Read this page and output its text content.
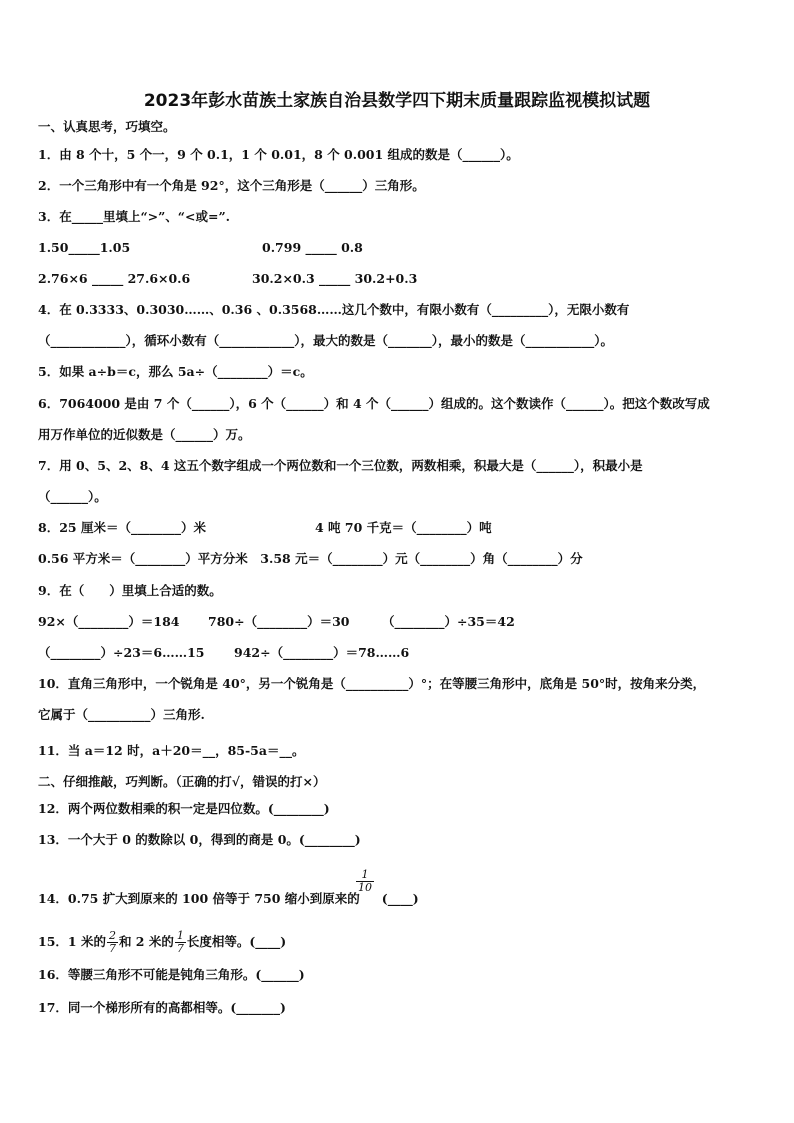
2023年彭水苗族土家族自治县数学四下期末质量跟踪监视模拟试题
一、认真思考，巧填空。
1．由 8 个十，5 个一，9 个 0.1，1 个 0.01，8 个 0.001 组成的数是（______）。
2．一个三角形中有一个角是 92°，这个三角形是（______）三角形。
3．在_____里填上“>”、“<或=”.
1.50_____1.05	0.799 _____ 0.8
2.76×6 _____ 27.6×0.6	30.2×0.3 _____ 30.2+0.3
4．在 0.3333、0.3030……、0.36 、0.3568……这几个数中，有限小数有（_________），无限小数有
（____________），循环小数有（____________），最大的数是（_______），最小的数是（___________）。
5．如果 a÷b＝c，那么 5a÷（________）＝c。
6．7064000 是由 7 个（______），6 个（______）和 4 个（______）组成的。这个数读作（______）。把这个数改写成
用万作单位的近似数是（______）万。
7．用 0、5、2、8、4 这五个数字组成一个两位数和一个三位数，两数相乘，积最大是（______），积最小是
（______）。
8．25 厘米＝（________）米	4 吨 70 千克＝（________）吨
0.56 平方米＝（________）平方分米　3.58 元＝（________）元（________）角（________）分
9．在（　　）里填上合适的数。
92×（________）＝184 780÷（________）＝30	（________）÷35＝42
（________）÷23＝6……15 942÷（________）＝78……6
10．直角三角形中，一个锐角是 40°，另一个锐角是（__________）°；在等腰三角形中，底角是 50°时，按角来分类，
它属于（__________）三角形.
11．当 a＝12 时，a＋20＝__，85-5a＝__。
二、仔细推敲，巧判断。（正确的打√，错误的打×）
12．两个两位数相乘的积一定是四位数。(________)
13．一个大于 0 的数除以 0，得到的商是 0。(________)
14．0.75 扩大到原来的 100 倍等于 750 缩小到原来的 (____)
$\frac{1}{10}$
15．1 米的 $\frac{2}{7}$ 和 2 米的 $\frac{1}{7}$ 长度相等。(____)
16．等腰三角形不可能是钝角三角形。(______)
17．同一个梯形所有的高都相等。(_______)
